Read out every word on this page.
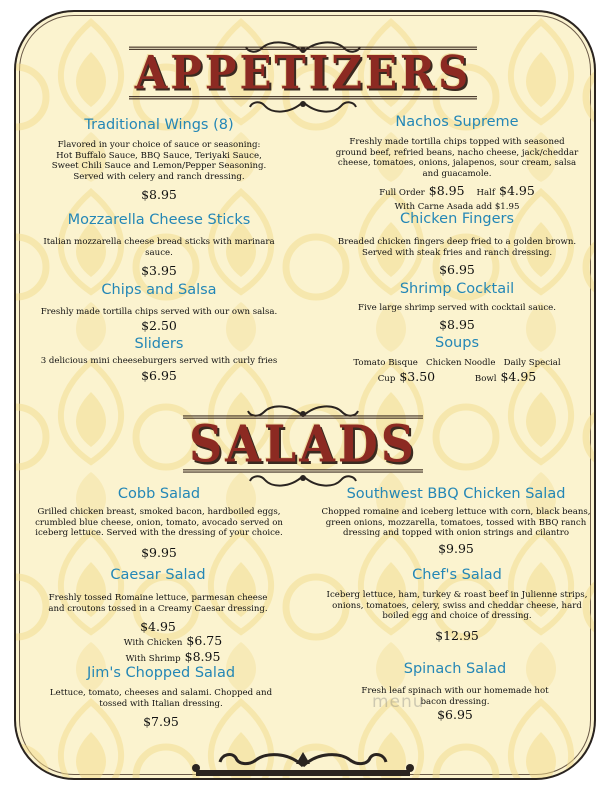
APPETIZERS
Traditional Wings (8)
Flavored in your choice of sauce or seasoning: Hot Buffalo Sauce, BBQ Sauce, Teriyaki Sauce, Sweet Chili Sauce and Lemon/Pepper Seasoning. Served with celery and ranch dressing.
$8.95
Nachos Supreme
Freshly made tortilla chips topped with seasoned ground beef, refried beans, nacho cheese, jack/cheddar cheese, tomatoes, onions, jalapenos, sour cream, salsa and guacamole.
Full Order $8.95 Half $4.95
With Carne Asada add $1.95
Mozzarella Cheese Sticks
Italian mozzarella cheese bread sticks with marinara sauce.
$3.95
Chicken Fingers
Breaded chicken fingers deep fried to a golden brown. Served with steak fries and ranch dressing.
$6.95
Chips and Salsa
Freshly made tortilla chips served with our own salsa.
$2.50
Shrimp Cocktail
Five large shrimp served with cocktail sauce.
$8.95
Sliders
3 delicious mini cheeseburgers served with curly fries
$6.95
Soups
Tomato Bisque   Chicken Noodle   Daily Special
Cup $3.50	Bowl $4.95
SALADS
Cobb Salad
Grilled chicken breast, smoked bacon, hardboiled eggs, crumbled blue cheese, onion, tomato, avocado served on iceberg lettuce. Served with the dressing of your choice.
$9.95
Southwest BBQ Chicken Salad
Chopped romaine and iceberg lettuce with corn, black beans, green onions, mozzarella, tomatoes, tossed with BBQ ranch dressing and topped with onion strings and cilantro
$9.95
Caesar Salad
Freshly tossed Romaine lettuce, parmesan cheese and croutons tossed in a Creamy Caesar dressing.
$4.95
With Chicken $6.75
With Shrimp $8.95
Chef's Salad
Iceberg lettuce, ham, turkey & roast beef in Julienne strips, onions, tomatoes, celery, swiss and cheddar cheese, hard boiled egg and choice of dressing.
$12.95
Jim's Chopped Salad
Lettuce, tomato, cheeses and salami. Chopped and tossed with Italian dressing.
$7.95
Spinach Salad
Fresh leaf spinach with our homemade hot bacon dressing.
$6.95
menu
